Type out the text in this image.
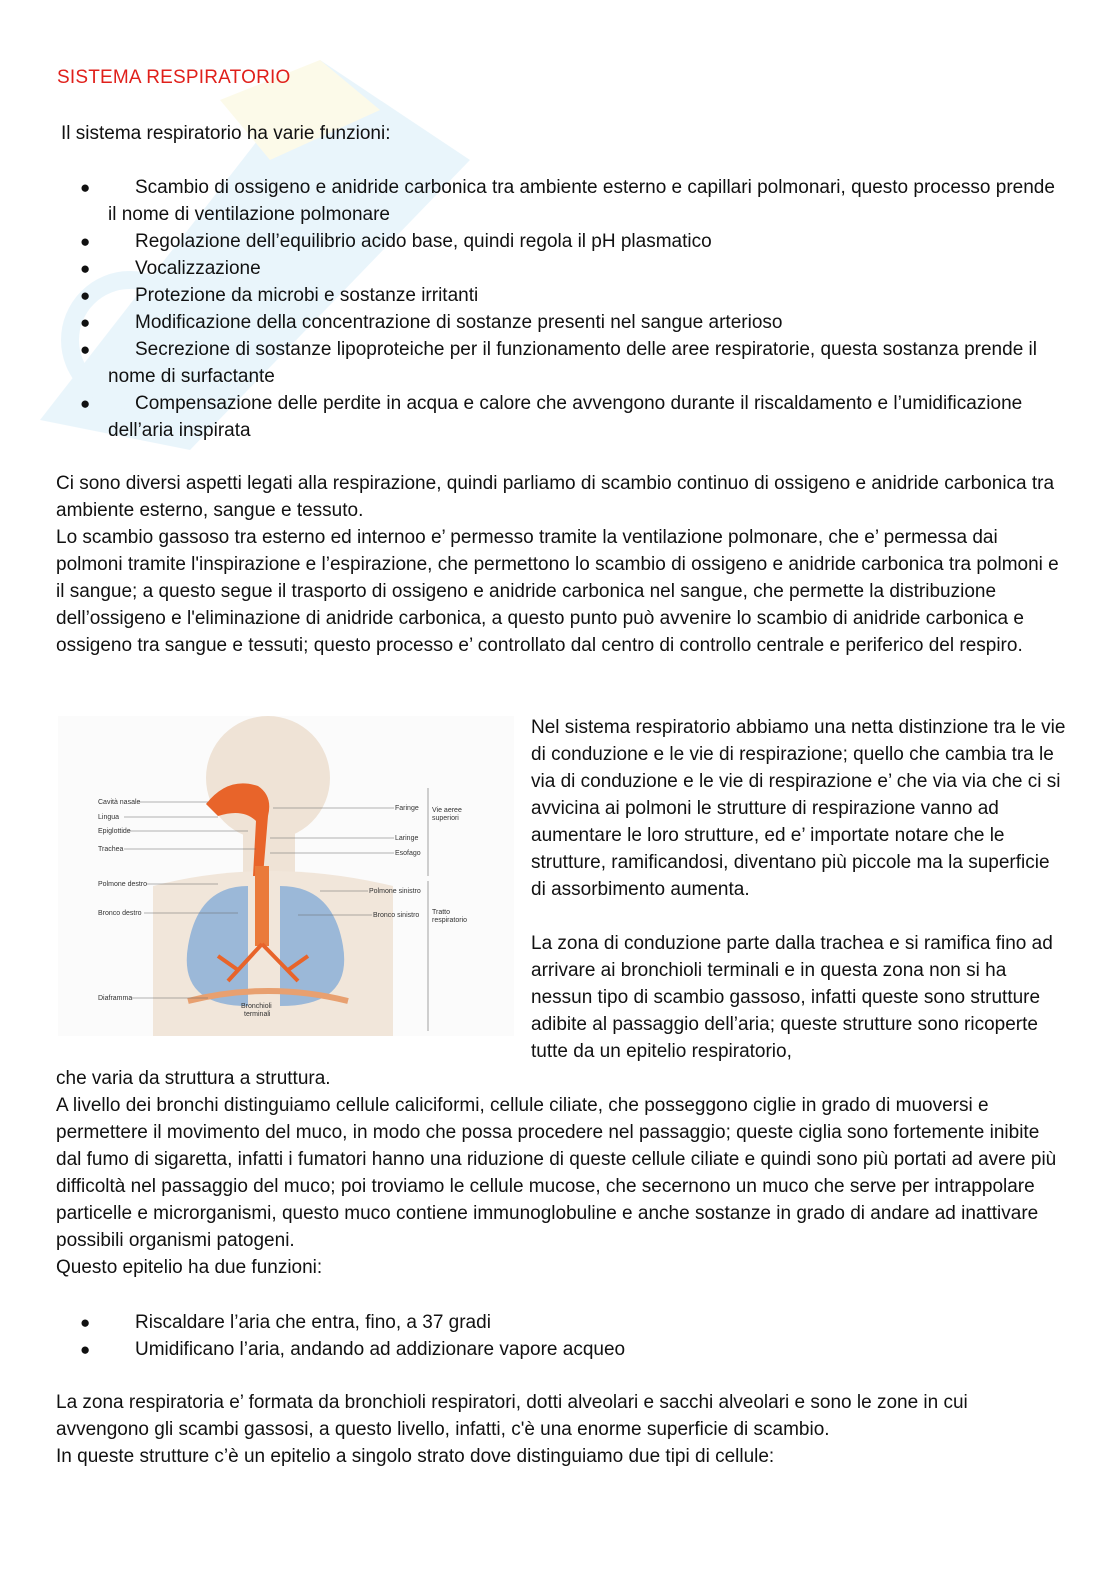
SISTEMA RESPIRATORIO
Il sistema respiratorio ha varie funzioni:
●	Scambio di ossigeno e anidride carbonica tra ambiente esterno e capillari polmonari, questo processo prende il nome di ventilazione polmonare
●	Regolazione dell’equilibrio acido base, quindi regola il pH plasmatico
●	Vocalizzazione
●	Protezione da microbi e sostanze irritanti
●	Modificazione della concentrazione di sostanze presenti nel sangue arterioso
●	Secrezione di sostanze lipoproteiche per il funzionamento delle aree respiratorie, questa sostanza prende il nome di surfactante
●	Compensazione delle perdite in acqua e calore che avvengono durante il riscaldamento e l’umidificazione dell’aria inspirata

Ci sono diversi aspetti legati alla respirazione, quindi parliamo di scambio continuo di ossigeno e anidride carbonica tra ambiente esterno, sangue e tessuto.

Lo scambio gassoso tra esterno ed internoo e’ permesso tramite la ventilazione polmonare, che e’ permessa dai polmoni tramite l'inspirazione e l’espirazione, che permettono lo scambio di ossigeno e anidride carbonica tra polmoni e il sangue; a questo segue il trasporto di ossigeno e anidride carbonica nel sangue, che permette la distribuzione dell’ossigeno e l'eliminazione di anidride carbonica, a questo punto può avvenire lo scambio di anidride carbonica e ossigeno tra sangue e tessuti; questo processo e’ controllato dal centro di controllo centrale e periferico del respiro.

Cavità nasale
Lingua
Epiglottide
Trachea
Polmone destro
Bronco destro
Diaframma
Faringe
Laringe
Esofago
Polmone sinistro
Bronco sinistro
Vie aeree
superiori
Tratto
respiratorio
Bronchioli
terminali

Nel sistema respiratorio abbiamo una netta distinzione tra le vie di conduzione e le vie di respirazione; quello che cambia tra le via di conduzione e le vie di respirazione e’ che via via che ci si avvicina ai polmoni le strutture di respirazione vanno ad aumentare le loro strutture, ed e’ importate notare che le strutture, ramificandosi, diventano più piccole ma la superficie di assorbimento aumenta.

La zona di conduzione parte dalla trachea e si ramifica fino ad arrivare ai bronchioli terminali e in questa zona non si ha nessun tipo di scambio gassoso, infatti queste sono strutture adibite al passaggio dell’aria; queste strutture sono ricoperte tutte da un epitelio respiratorio,

che varia da struttura a struttura.

A livello dei bronchi distinguiamo cellule caliciformi, cellule ciliate, che posseggono ciglie in grado di muoversi e permettere il movimento del muco, in modo che possa procedere nel passaggio; queste ciglia sono fortemente inibite dal fumo di sigaretta, infatti i fumatori hanno una riduzione di queste cellule ciliate e quindi sono più portati ad avere più difficoltà nel passaggio del muco; poi troviamo le cellule mucose, che secernono un muco che serve per intrappolare particelle e microrganismi, questo muco contiene immunoglobuline e anche sostanze in grado di andare ad inattivare possibili organismi patogeni.

Questo epitelio ha due funzioni:

●	Riscaldare l’aria che entra, fino, a 37 gradi
●	Umidificano l’aria, andando ad addizionare vapore acqueo

La zona respiratoria e’ formata da bronchioli respiratori, dotti alveolari e sacchi alveolari e sono le zone in cui avvengono gli scambi gassosi, a questo livello, infatti, c'è una enorme superficie di scambio.

In queste strutture c’è un epitelio a singolo strato dove distinguiamo due tipi di cellule:
